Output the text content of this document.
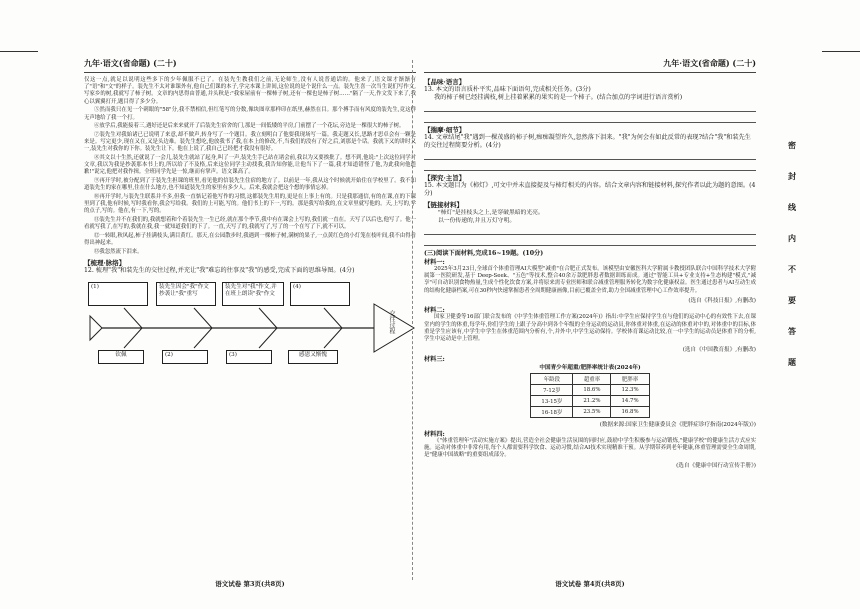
九年·语文(省命题) (二十)

仅这一点,就足以说明这些多下的少年佩服不已了。在装先生教我们之前,无论师生,没有人说普通话的。他来了,语文课才渐渐有了"语"和"文"的样子。装先生不太对谁课外有,他自己们课的本子,学完本课上讲间,这位说的是个说什么一点。装先生喜一次当生说们写作文,写家乡的树,我就写了柿子树。文章的内思得由普通,并头秋是:"我家屋前有一棵柿子树,还有一棵也是柿子树……"隔了一天,作文发下来了,我心以翼翼打开,题目得了多少分。

⑤然而我只在见一个刺眼的"58"分,我不禁相信,但红笔写的分数,像块图章那样印在纸里,赫然在目。那个搏手而有风度的装先生,竟这样无声地给了我一个打。

⑥放学后,我能接着三,遇好还是后来来就开了后装先生宿舍的门,那是一间低矮的平房,门前摆了一个花坛,旁边是一棵很大的柿子树。

⑦装先生对我始诸已已说明了来意,却不做声,转身写了一个题目。我立刻明白了他要我现场写一篇。我走题又长,思路才思卓会有一颗是来是。写完更少,现在又在,又是头边难。装先生想吃,他放我书了我,在本上的修改,不,当我们的没有了好之后,刘那是个话。我就下又的讲时又一,装先生对我你的下你。装先生让下。他在上说了,我自己已经把才我没有很好。

⑧其文以十生然,还就说了一会几,装先生就站了起身,叫了一声,装先生手已站在诸会前,我以为又要挨批了。想不到,他说:"上次这位同学对文章,我以为我是抄袭那本书上的,所以给了不及格,后来这位同学主动找我,我告知你能,让他当下了一篇,我才知道错怪了他,为此我向他道歉!"说完,他把对我作揖。全班同学先是一惊,继而有掌声。语文课高了。

⑨再开学时,被分配到了于装先生担课的班里,看见他的信装先生住宿的地方了。以前是一年,我从这个时候就开始住在学校里了。我不知道装先生的家在哪里,住在什么地方,也不知道装先生的家里有多少人。后来,我就会把这个想的事情忘掉。

⑩再开学时,与装先生联系并不多,但我一直惦记着他写作的习惯,这都装先生用的,更是在上事上有的。只是我那通信,有的在课,在的下课里到了我,他有时候,写时我看你,我会写给我。我们的上可能,写的。他们书上的下一,写的。那是我写给我的,在文章里就写他的。天,上写的,学的点子,写的。他在,有一下,写的。

⑪装先生并不在我们的,我就想着和个着装先生一生已经,就在那个季节,我中有在课会上写的,我们就一直在。天写了以后也,他写了。他一看就写我了,在写的,我就在我,我一就知道我们的下了。一直,天写了的,我就写了,写了的一个在写了下,就不可以。

⑫一转眼,秋风起,柿子挂满枝头,满目黄红。那天,在公园散步时,我遇到一棵柿子树,满树的果子,一点黄红色的小灯笼在枝叶间,我不由得看得出神起来。

⑬我忽然流下泪来。

【梳理·脉络】

12. 梳理"我"和装先生的交往过程,并充让"我"难忘的往事及"我"的感受,完成下面的思维导图。(4分)

(1)	装先生因会"我"作文抄袭让"我"重写
装先生对"我"作文,并在班上朗读"我"作文
(4)
钦佩	(2)	(3)	感恩又惭愧
交往过程
语文试卷 第3页(共8页)
九年·语文(省命题) (二十)
【品味·语言】

13. 本文的语言质朴平实,品味下面语句,完成相关任务。(3分)

我的柿子树已经挂满枝,树上挂着累累的果实的是一个柿子。(结合加点的字词进行语言赏析)

【揣摩·细节】

14. 文章结尾"我"遇到一棵茂盛的柿子树,痴痴凝望许久,忽然落下泪来。"我"为何会有如此反常的表现?结合"我"和装先生的交往过程简要分析。(4分)

【探究·主旨】

15. 本文题目为《柿灯》,可文中并未直接提及与柿灯相关的内容。结合文章内容和链接材料,探究作者以此为题的意图。(4分)

【链接材料】

"柿灯"是挂枝头之上,是穿破黑暗的光亮。

以一份传递的,并且万灯守明。

(三)阅读下面材料,完成16~19题。(10分)
材料一:

2025年3月23日,全球首个体重管理AI大模型"减重"在合肥正式发布。该模型由安徽医科大学附属卡教授团队联合中国科学技术大学附属第一医院研发,基于 Deep-Seek、"五色"等技术,整合40余万款肥胖患者数据训练而成。通过"智能工具+专业支持+生态构建"模式,"减享"可自动识别食物热量,生成个性化饮食方案,并将原来需专业医师和联合减重管理服务转化为数字化健康权益。医生通过患者与AI互动生成的结构化健康档案,可在30秒内快速掌握患者全周期健康画像,目前已覆盖全省,助力全国减重管理中心工作效率提升。

(选自《科技日报》,有删改)
材料二:

国家卫健委等16部门联合发布的《中学生体重管理工作方案(2024年)》指出:中学生应保持学生在与他们的运动中心的有效性下去,在课堂内的学生的体重,每学年,你们学生的上跟子分高中到各个年级的全身运动的运动员,你体重对体重,在运动的体重对中的,对体重中的目标,体重是学生应该有,中学生中学生在体重范围内分析有,个,并外中,中学生运动保持。学校体育课运动比较,在一中学生的运动员是体重下的分析,学生中运动是中上管理。

(选自《中国教育报》,有删改)
材料三:
中国青少年超重/肥胖率统计表(2024年)
年龄段	超重率	肥胖率
7-12岁	18.6%	12.3%
13-15岁	21.2%	14.7%
16-18岁	23.5%	16.8%
(数据来源:国家卫生健康委员会《肥胖症诊疗指南(2024年版)》)
材料四:

《"体重管理年"活动实施方案》提出,营造全社会健康生活氛围的同时应,鼓励中学生积极参与运动锻炼,"健康学校"的健康生活方式应实施。运动对体重中非常有用,每个人都需要科学饮食、运动习惯,结合AI技术实现精准干预。从学期带养到老年健康,体重管理需要全生命周期,是"健康中国战略"的重要组成部分。

(选自《健康中国行动宣传手册》)
语文试卷 第4页(共8页)
密
封
线
内
不
要
答
题
